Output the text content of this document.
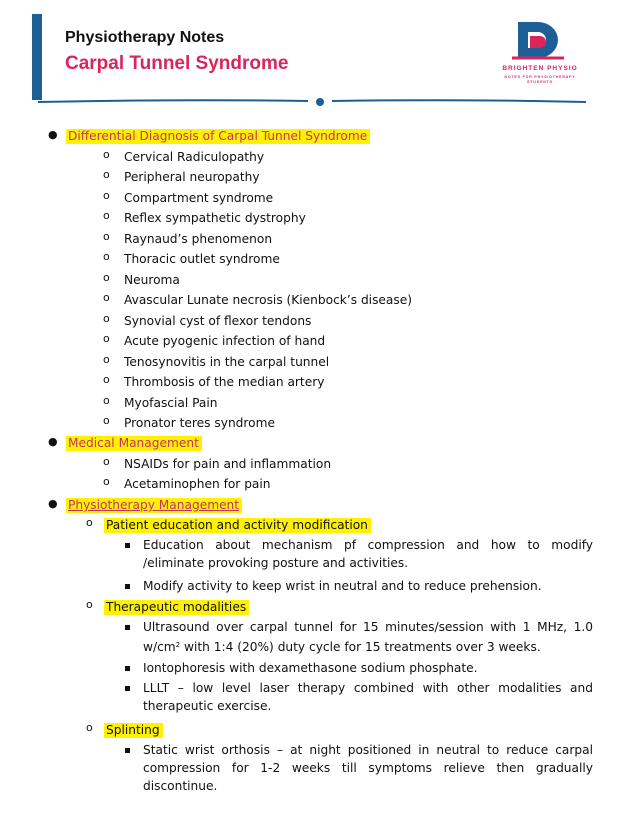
Physiotherapy Notes
Carpal Tunnel Syndrome	BRIGHTEN PHYSIO
NOTES FOR PHYSIOTHERAPY STUDENTS
● Differential Diagnosis of Carpal Tunnel Syndrome
o Cervical Radiculopathy
o Peripheral neuropathy
o Compartment syndrome
o Reflex sympathetic dystrophy
o Raynaud’s phenomenon
o Thoracic outlet syndrome
o Neuroma
o Avascular Lunate necrosis (Kienbock’s disease)
o Synovial cyst of flexor tendons
o Acute pyogenic infection of hand
o Tenosynovitis in the carpal tunnel
o Thrombosis of the median artery
o Myofascial Pain
o Pronator teres syndrome
● Medical Management
o NSAIDs for pain and inflammation
o Acetaminophen for pain
● Physiotherapy Management
o Patient education and activity modification
Education about mechanism pf compression and how to modify /eliminate provoking posture and activities.
Modify activity to keep wrist in neutral and to reduce prehension.
o Therapeutic modalities
Ultrasound over carpal tunnel for 15 minutes/session with 1 MHz, 1.0 $w/cm^2$ with 1:4 (20%) duty cycle for 15 treatments over 3 weeks.
Iontophoresis with dexamethasone sodium phosphate.
LLLT – low level laser therapy combined with other modalities and therapeutic exercise.
o Splinting
Static wrist orthosis – at night positioned in neutral to reduce carpal compression for 1-2 weeks till symptoms relieve then gradually discontinue.
